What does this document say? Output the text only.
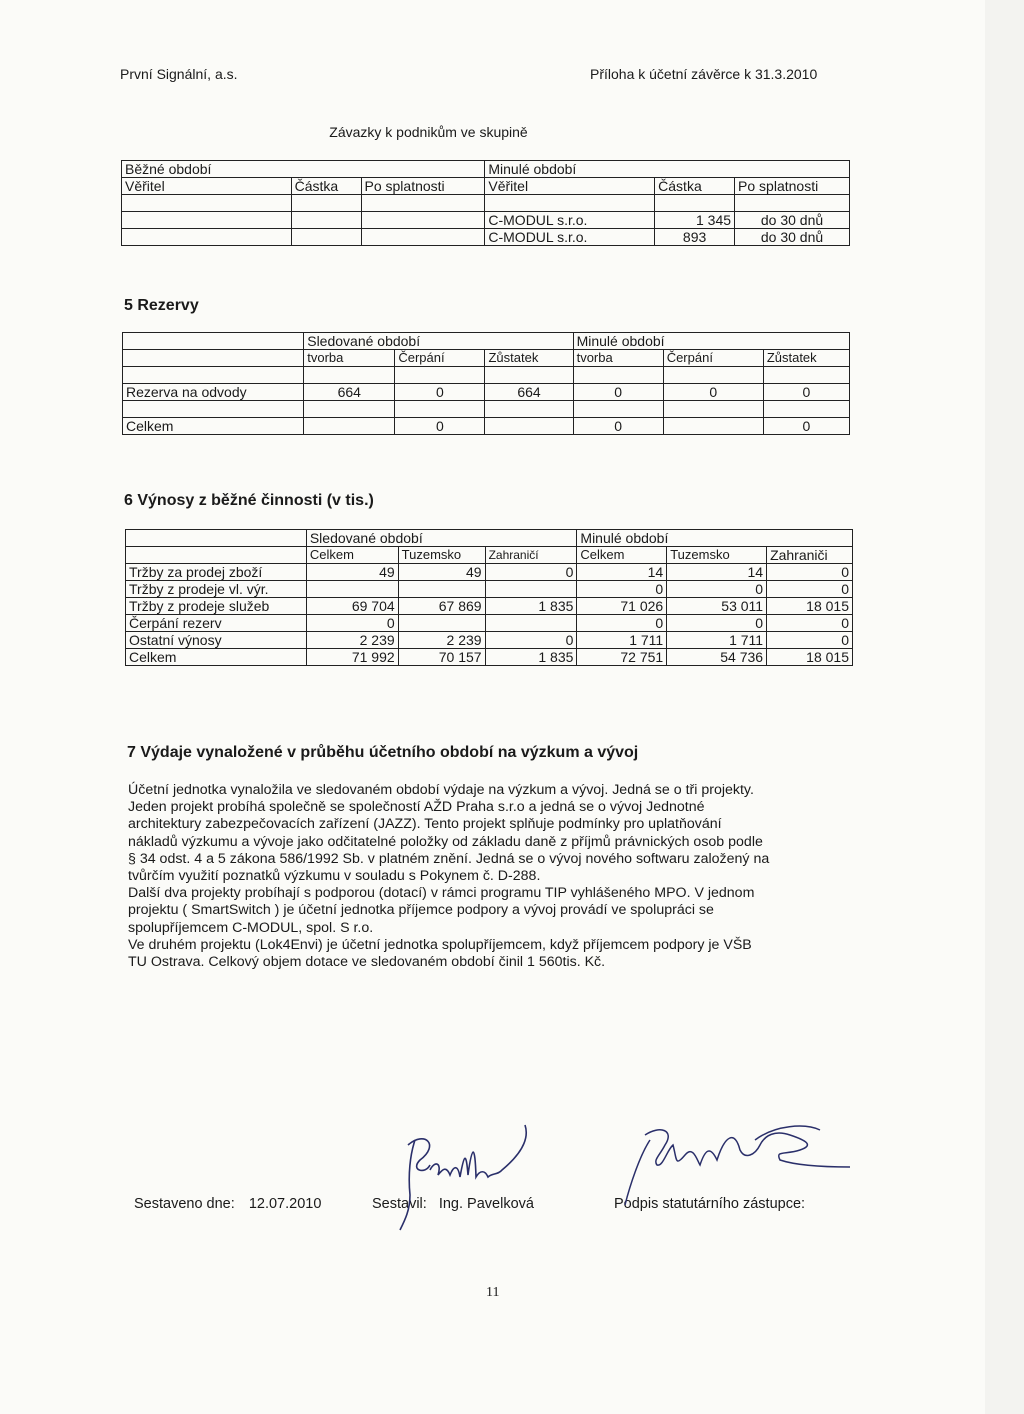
První Signální, a.s.	Příloha k účetní závěrce k 31.3.2010
Závazky k podnikům ve skupině
Běžné období			Minulé období		
Věřitel	Částka	Po splatnosti	Věřitel	Částka	Po splatnosti

			C-MODUL s.r.o.	1 345	do 30 dnů
			C-MODUL s.r.o.	893	do 30 dnů
5 Rezervy
	Sledované období			Minulé období		
	tvorba	Čerpání	Zůstatek	tvorba	Čerpání	Zůstatek

Rezerva na odvody	664	0	664	0	0	0

Celkem		0		0		0
6 Výnosy z běžné činnosti (v tis.)
	Sledované období			Minulé období		
	Celkem	Tuzemsko	Zahraničí	Celkem	Tuzemsko	Zahraniči
Tržby za prodej zboží	49	49	0	14	14	0
Tržby z prodeje vl. výr.				0	0	0
Tržby z prodeje služeb	69 704	67 869	1 835	71 026	53 011	18 015
Čerpání rezerv	0			0	0	0
Ostatní výnosy	2 239	2 239	0	1 711	1 711	0
Celkem	71 992	70 157	1 835	72 751	54 736	18 015
7 Výdaje vynaložené v průběhu účetního období na výzkum a vývoj

Účetní jednotka vynaložila ve sledovaném období výdaje na výzkum a vývoj. Jedná se o tři projekty.

Jeden projekt probíhá společně se společností AŽD Praha s.r.o a jedná se o vývoj Jednotné

architektury zabezpečovacích zařízení (JAZZ). Tento projekt splňuje podmínky pro uplatňování

nákladů výzkumu a vývoje jako odčitatelné položky od základu daně z příjmů právnických osob podle

§ 34 odst. 4 a 5 zákona 586/1992 Sb. v platném znění. Jedná se o vývoj nového softwaru založený na

tvůrčím využití poznatků výzkumu v souladu s Pokynem č. D-288.

Další dva projekty probíhají s podporou (dotací) v rámci programu TIP vyhlášeného MPO. V jednom

projektu ( SmartSwitch ) je účetní jednotka příjemce podpory a vývoj provádí ve spolupráci se

spolupříjemcem C-MODUL, spol. S r.o.

Ve druhém projektu (Lok4Envi) je účetní jednotka spolupříjemcem, když příjemcem podpory je VŠB

TU Ostrava. Celkový objem dotace ve sledovaném období činil 1 560tis. Kč.

Sestaveno dne: 12.07.2010	Sestavil: Ing. Pavelková	Podpis statutárního zástupce:
11
